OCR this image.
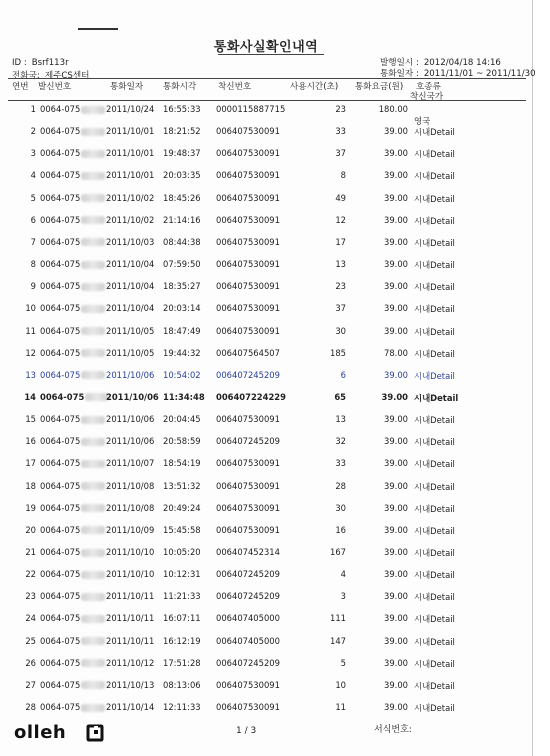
통화사실확인내역
ID : Bsrf113r
전화국: 제주CS센터
발행일시 : 2012/04/18 14:16
통화일자 : 2011/11/01 ~ 2011/11/30
연번 발신번호	통화일자 통화시각	착신번호	사용시간(초) 통화요금(원) 호종류
착신국가
1 0064-075	2011/10/24 16:55:33 0000115887715	23	180.00
영국
2 0064-075	2011/10/01 18:21:52 006407530091	33	39.00 시내Detail
3 0064-075	2011/10/01 19:48:37 006407530091	37	39.00 시내Detail
4 0064-075	2011/10/01 20:03:35 006407530091	8	39.00 시내Detail
5 0064-075	2011/10/02 18:45:26 006407530091	49	39.00 시내Detail
6 0064-075	2011/10/02 21:14:16 006407530091	12	39.00 시내Detail
7 0064-075	2011/10/03 08:44:38 006407530091	17	39.00 시내Detail
8 0064-075	2011/10/04 07:59:50 006407530091	13	39.00 시내Detail
9 0064-075	2011/10/04 18:35:27 006407530091	23	39.00 시내Detail
10 0064-075	2011/10/04 20:03:14 006407530091	37	39.00 시내Detail
11 0064-075	2011/10/05 18:47:49 006407530091	30	39.00 시내Detail
12 0064-075	2011/10/05 19:44:32 006407564507	185	78.00 시내Detail
13 0064-075	2011/10/06 10:54:02 006407245209	6	39.00 시내Detail
14 0064-075	2011/10/06 11:34:48 006407224229	65	39.00 시내Detail
15 0064-075	2011/10/06 20:04:45 006407530091	13	39.00 시내Detail
16 0064-075	2011/10/06 20:58:59 006407245209	32	39.00 시내Detail
17 0064-075	2011/10/07 18:54:19 006407530091	33	39.00 시내Detail
18 0064-075	2011/10/08 13:51:32 006407530091	28	39.00 시내Detail
19 0064-075	2011/10/08 20:49:24 006407530091	30	39.00 시내Detail
20 0064-075	2011/10/09 15:45:58 006407530091	16	39.00 시내Detail
21 0064-075	2011/10/10 10:05:20 006407452314	167	39.00 시내Detail
22 0064-075	2011/10/10 10:12:31 006407245209	4	39.00 시내Detail
23 0064-075	2011/10/11 11:21:33 006407245209	3	39.00 시내Detail
24 0064-075	2011/10/11 16:07:11 006407405000	111	39.00 시내Detail
25 0064-075	2011/10/11 16:12:19 006407405000	147	39.00 시내Detail
26 0064-075	2011/10/12 17:51:28 006407245209	5	39.00 시내Detail
27 0064-075	2011/10/13 08:13:06 006407530091	10	39.00 시내Detail
28 0064-075	2011/10/14 12:11:33 006407530091	11	39.00 시내Detail
olleh	1 / 3	서식번호:
